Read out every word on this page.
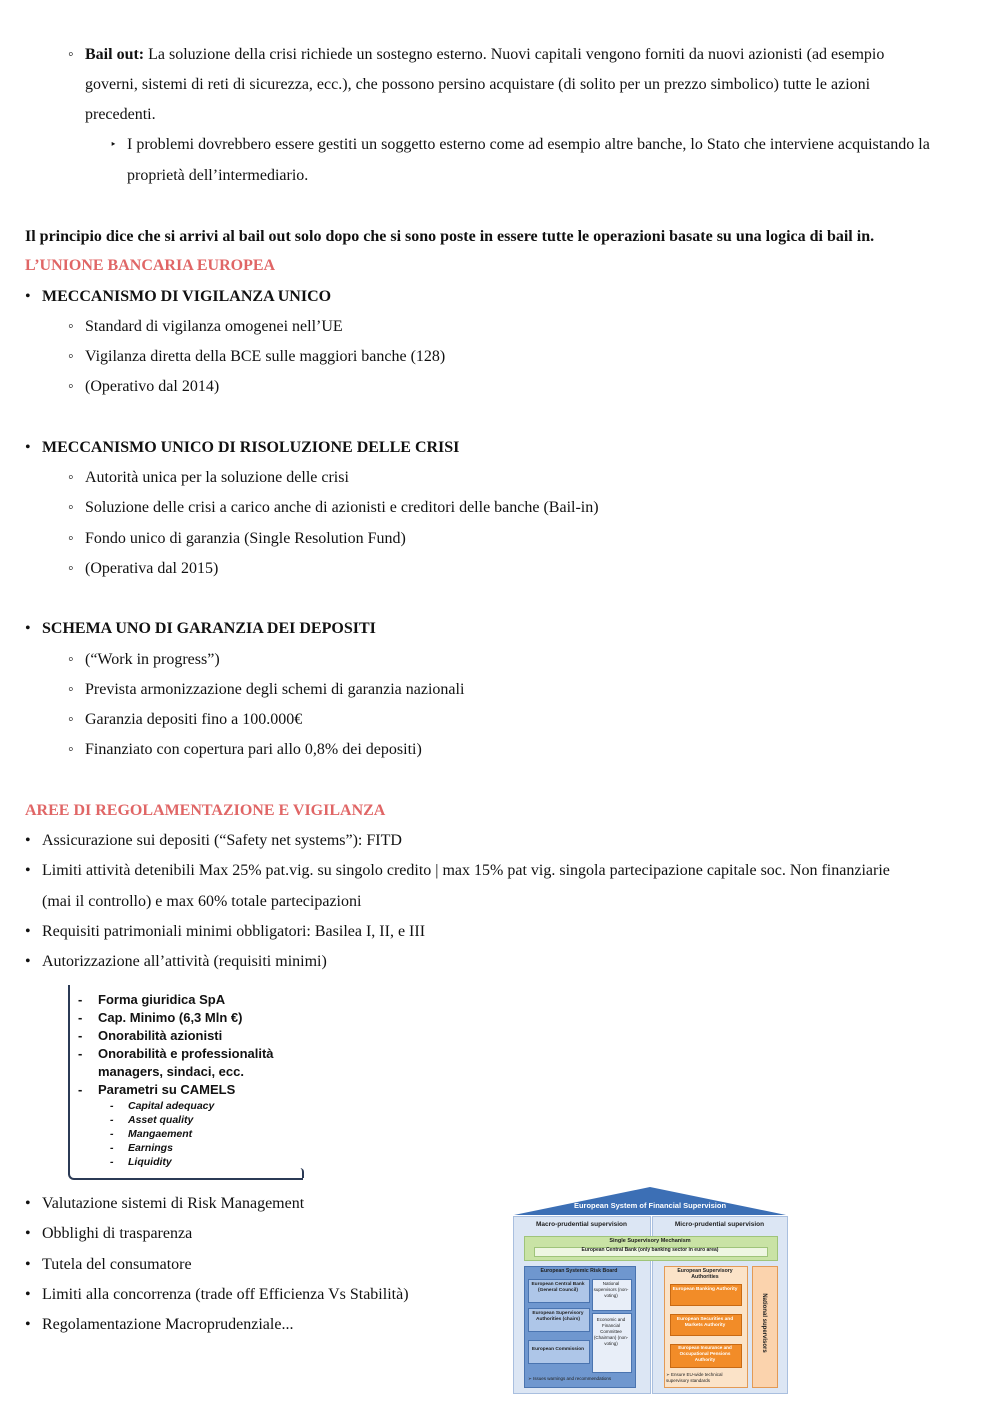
◦ Bail out: La soluzione della crisi richiede un sostegno esterno. Nuovi capitali vengono forniti da nuovi azionisti (ad esempio
governi, sistemi di reti di sicurezza, ecc.), che possono persino acquistare (di solito per un prezzo simbolico) tutte le azioni
precedenti.
‣ I problemi dovrebbero essere gestiti un soggetto esterno come ad esempio altre banche, lo Stato che interviene acquistando la
proprietà dell’intermediario.
Il principio dice che si arrivi al bail out solo dopo che si sono poste in essere tutte le operazioni basate su una logica di bail in.
L’UNIONE BANCARIA EUROPEA
• MECCANISMO DI VIGILANZA UNICO
◦ Standard di vigilanza omogenei nell’UE
◦ Vigilanza diretta della BCE sulle maggiori banche (128)
◦ (Operativo dal 2014)
• MECCANISMO UNICO DI RISOLUZIONE DELLE CRISI
◦ Autorità unica per la soluzione delle crisi
◦ Soluzione delle crisi a carico anche di azionisti e creditori delle banche (Bail-in)
◦ Fondo unico di garanzia (Single Resolution Fund)
◦ (Operativa dal 2015)
• SCHEMA UNO DI GARANZIA DEI DEPOSITI
◦ (“Work in progress”)
◦ Prevista armonizzazione degli schemi di garanzia nazionali
◦ Garanzia depositi fino a 100.000€
◦ Finanziato con copertura pari allo 0,8% dei depositi)
AREE DI REGOLAMENTAZIONE E VIGILANZA
• Assicurazione sui depositi (“Safety net systems”): FITD
• Limiti attività detenibili Max 25% pat.vig. su singolo credito | max 15% pat vig. singola partecipazione capitale soc. Non finanziarie
(mai il controllo) e max 60% totale partecipazioni
• Requisiti patrimoniali minimi obbligatori: Basilea I, II, e III
• Autorizzazione all’attività (requisiti minimi)
- Forma giuridica SpA
- Cap. Minimo (6,3 Mln €)
- Onorabilità azionisti
- Onorabilità e professionalità
managers, sindaci, ecc.
- Parametri su CAMELS
- Capital adequacy
- Asset quality
- Mangaement
- Earnings
- Liquidity
• Valutazione sistemi di Risk Management
• Obblighi di trasparenza
• Tutela del consumatore
• Limiti alla concorrenza (trade off Efficienza Vs Stabilità)
• Regolamentazione Macroprudenziale...
European System of Financial Supervision
Macro-prudential supervision	Micro-prudential supervision
Single Supervisory Mechanism
European Central Bank (only banking sector in euro area)
European Systemic Risk Board
European Central Bank (General Council)
European Supervisory Authorities (chairs)
European Commission
National supervisors (non-voting)
Economic and Financial Committee (Chairman) (non-voting)
➢ Issues warnings and recommendations
European Supervisory Authorities
European Banking Authority
European Securities and Markets Authority
European Insurance and Occupational Pensions Authority
➢ Ensure EU-wide technical supervisory standards
National supervisors
